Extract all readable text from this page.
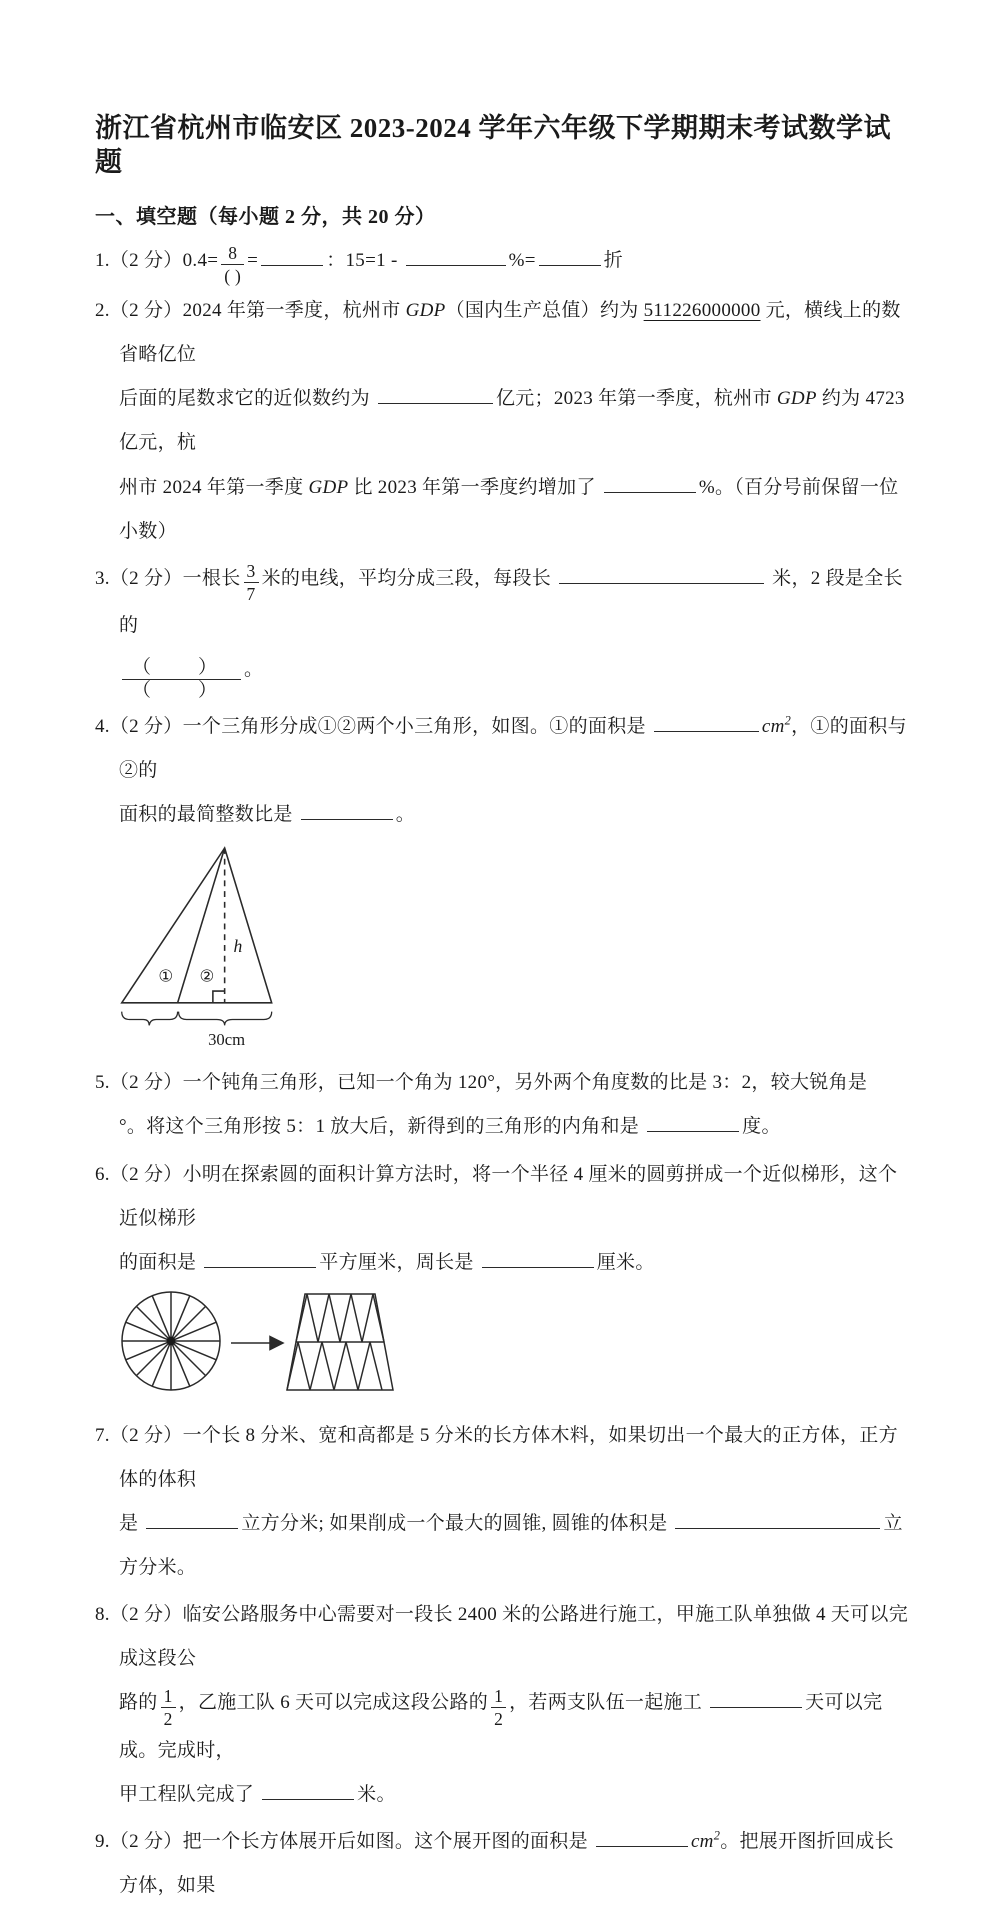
浙江省杭州市临安区 2023-2024 学年六年级下学期期末考试数学试题
一、填空题（每小题 2 分，共 20 分）
1.（2 分）$0.4= \frac{8}{( )}$ =	：15=1 -	%=	折
2.（2 分）2024 年第一季度，杭州市 GDP（国内生产总值）约为 511226000000 元，横线上的数省略亿位
后面的尾数求它的近似数约为	亿元；2023 年第一季度，杭州市 GDP 约为 4723 亿元，杭
州市 2024 年第一季度 GDP 比 2023 年第一季度约增加了	%。（百分号前保留一位小数）
3.（2 分）一根长 $\frac{3}{7}$ 米的电线，平均分成三段，每段长	米，2 段是全长的

$\frac{( )}{( )}$ 。
4.（2 分）一个三角形分成①②两个小三角形，如图。①的面积是	$cm^2$，①的面积与②的
面积的最简整数比是	。
① ②
h
30cm
5.（2 分）一个钝角三角形，已知一个角为 120°，另外两个角度数的比是 3：2，较大锐角是
°。将这个三角形按 5：1 放大后，新得到的三角形的内角和是	度。
6.（2 分）小明在探索圆的面积计算方法时，将一个半径 4 厘米的圆剪拼成一个近似梯形，这个近似梯形
的面积是	平方厘米，周长是	厘米。
7.（2 分）一个长 8 分米、宽和高都是 5 分米的长方体木料，如果切出一个最大的正方体，正方体的体积
是	立方分米; 如果削成一个最大的圆锥, 圆锥的体积是	立方分米。
8.（2 分）临安公路服务中心需要对一段长 2400 米的公路进行施工，甲施工队单独做 4 天可以完成这段公
路的 $\frac{1}{2}$ ，乙施工队 6 天可以完成这段公路的 $\frac{1}{2}$ ，若两支队伍一起施工	天可以完成。完成时，
甲工程队完成了	米。
9.（2 分）把一个长方体展开后如图。这个展开图的面积是	$cm^2$。把展开图折回成长方体，如果
